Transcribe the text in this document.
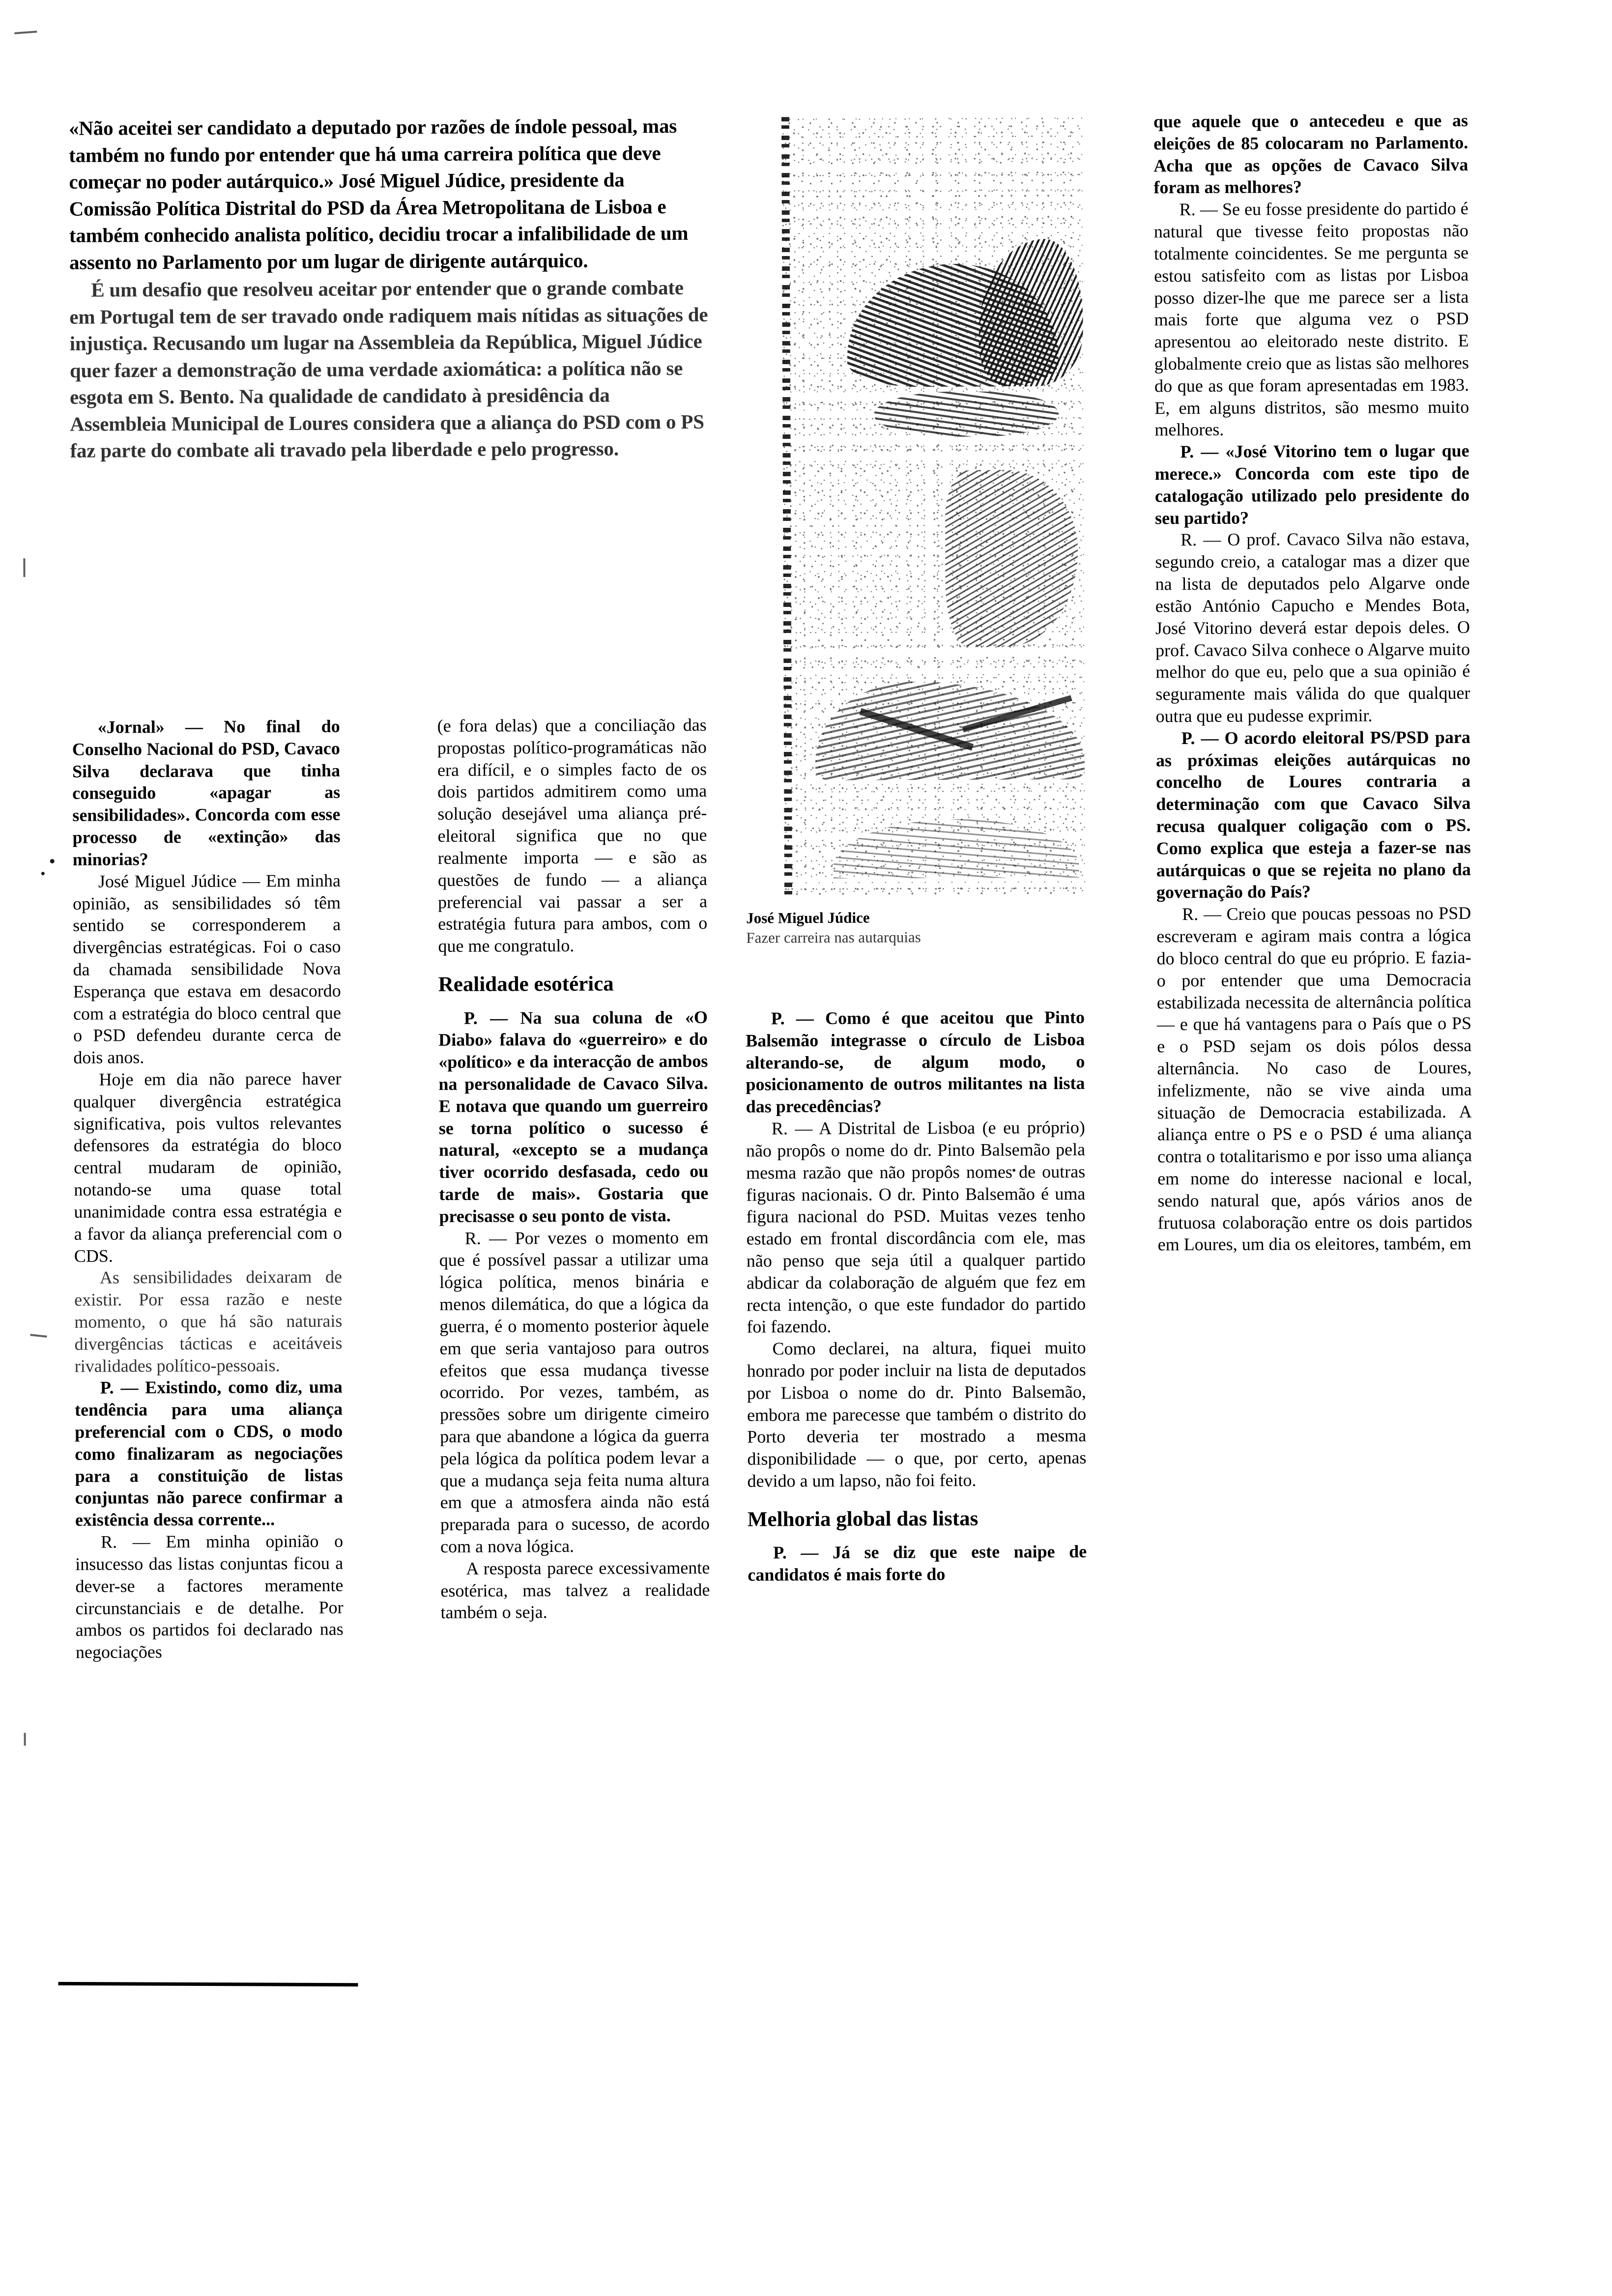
«Não aceitei ser candidato a deputado por razões de índole pessoal, mas também no fundo por entender que há uma carreira política que deve começar no poder autárquico.» José Miguel Júdice, presidente da Comissão Política Distrital do PSD da Área Metropolitana de Lisboa e também conhecido analista político, decidiu trocar a infalibilidade de um assento no Parlamento por um lugar de dirigente autárquico.

É um desafio que resolveu aceitar por entender que o grande combate em Portugal tem de ser travado onde radiquem mais nítidas as situações de injustiça. Recusando um lugar na Assembleia da República, Miguel Júdice quer fazer a demonstração de uma verdade axiomática: a política não se esgota em S. Bento. Na qualidade de candidato à presidência da Assembleia Municipal de Loures considera que a aliança do PSD com o PS faz parte do combate ali travado pela liberdade e pelo progresso.

José Miguel Júdice
Fazer carreira nas autarquias

«Jornal» — No final do Conselho Nacional do PSD, Cavaco Silva declarava que tinha conseguido «apagar as sensibilidades». Concorda com esse processo de «extinção» das minorias?

José Miguel Júdice — Em minha opinião, as sensibilidades só têm sentido se corresponderem a divergências estratégicas. Foi o caso da chamada sensibilidade Nova Esperança que estava em desacordo com a estratégia do bloco central que o PSD defendeu durante cerca de dois anos.

Hoje em dia não parece haver qualquer divergência estratégica significativa, pois vultos relevantes defensores da estratégia do bloco central mudaram de opinião, notando-se uma quase total unanimidade contra essa estratégia e a favor da aliança preferencial com o CDS.

As sensibilidades deixaram de existir. Por essa razão e neste momento, o que há são naturais divergências tácticas e aceitáveis rivalidades político-pessoais.

P. — Existindo, como diz, uma tendência para uma aliança preferencial com o CDS, o modo como finalizaram as negociações para a constituição de listas conjuntas não parece confirmar a existência dessa corrente...

R. — Em minha opinião o insucesso das listas conjuntas ficou a dever-se a factores meramente circunstanciais e de detalhe. Por ambos os partidos foi declarado nas negociações

(e fora delas) que a conciliação das propostas político-programáticas não era difícil, e o simples facto de os dois partidos admitirem como uma solução desejável uma aliança pré-eleitoral significa que no que realmente importa — e são as questões de fundo — a aliança preferencial vai passar a ser a estratégia futura para ambos, com o que me congratulo.

Realidade esotérica

P. — Na sua coluna de «O Diabo» falava do «guerreiro» e do «político» e da interacção de ambos na personalidade de Cavaco Silva. E notava que quando um guerreiro se torna político o sucesso é natural, «excepto se a mudança tiver ocorrido desfasada, cedo ou tarde de mais». Gostaria que precisasse o seu ponto de vista.

R. — Por vezes o momento em que é possível passar a utilizar uma lógica política, menos binária e menos dilemática, do que a lógica da guerra, é o momento posterior àquele em que seria vantajoso para outros efeitos que essa mudança tivesse ocorrido. Por vezes, também, as pressões sobre um dirigente cimeiro para que abandone a lógica da guerra pela lógica da política podem levar a que a mudança seja feita numa altura em que a atmosfera ainda não está preparada para o sucesso, de acordo com a nova lógica.

A resposta parece excessivamente esotérica, mas talvez a realidade também o seja.

P. — Como é que aceitou que Pinto Balsemão integrasse o círculo de Lisboa alterando-se, de algum modo, o posicionamento de outros militantes na lista das precedências?

R. — A Distrital de Lisboa (e eu próprio) não propôs o nome do dr. Pinto Balsemão pela mesma razão que não propôs nomes de outras figuras nacionais. O dr. Pinto Balsemão é uma figura nacional do PSD. Muitas vezes tenho estado em frontal discordância com ele, mas não penso que seja útil a qualquer partido abdicar da colaboração de alguém que fez em recta intenção, o que este fundador do partido foi fazendo.

Como declarei, na altura, fiquei muito honrado por poder incluir na lista de deputados por Lisboa o nome do dr. Pinto Balsemão, embora me parecesse que também o distrito do Porto deveria ter mostrado a mesma disponibilidade — o que, por certo, apenas devido a um lapso, não foi feito.

Melhoria global das listas

P. — Já se diz que este naipe de candidatos é mais forte do

que aquele que o antecedeu e que as eleições de 85 colocaram no Parlamento. Acha que as opções de Cavaco Silva foram as melhores?

R. — Se eu fosse presidente do partido é natural que tivesse feito propostas não totalmente coincidentes. Se me pergunta se estou satisfeito com as listas por Lisboa posso dizer-lhe que me parece ser a lista mais forte que alguma vez o PSD apresentou ao eleitorado neste distrito. E globalmente creio que as listas são melhores do que as que foram apresentadas em 1983. E, em alguns distritos, são mesmo muito melhores.

P. — «José Vitorino tem o lugar que merece.» Concorda com este tipo de catalogação utilizado pelo presidente do seu partido?

R. — O prof. Cavaco Silva não estava, segundo creio, a catalogar mas a dizer que na lista de deputados pelo Algarve onde estão António Capucho e Mendes Bota, José Vitorino deverá estar depois deles. O prof. Cavaco Silva conhece o Algarve muito melhor do que eu, pelo que a sua opinião é seguramente mais válida do que qualquer outra que eu pudesse exprimir.

P. — O acordo eleitoral PS/PSD para as próximas eleições autárquicas no concelho de Loures contraria a determinação com que Cavaco Silva recusa qualquer coligação com o PS. Como explica que esteja a fazer-se nas autárquicas o que se rejeita no plano da governação do País?

R. — Creio que poucas pessoas no PSD escreveram e agiram mais contra a lógica do bloco central do que eu próprio. E fazia-o por entender que uma Democracia estabilizada necessita de alternância política — e que há vantagens para o País que o PS e o PSD sejam os dois pólos dessa alternância. No caso de Loures, infelizmente, não se vive ainda uma situação de Democracia estabilizada. A aliança entre o PS e o PSD é uma aliança contra o totalitarismo e por isso uma aliança em nome do interesse nacional e local, sendo natural que, após vários anos de frutuosa colaboração entre os dois partidos em Loures, um dia os eleitores, também, em
